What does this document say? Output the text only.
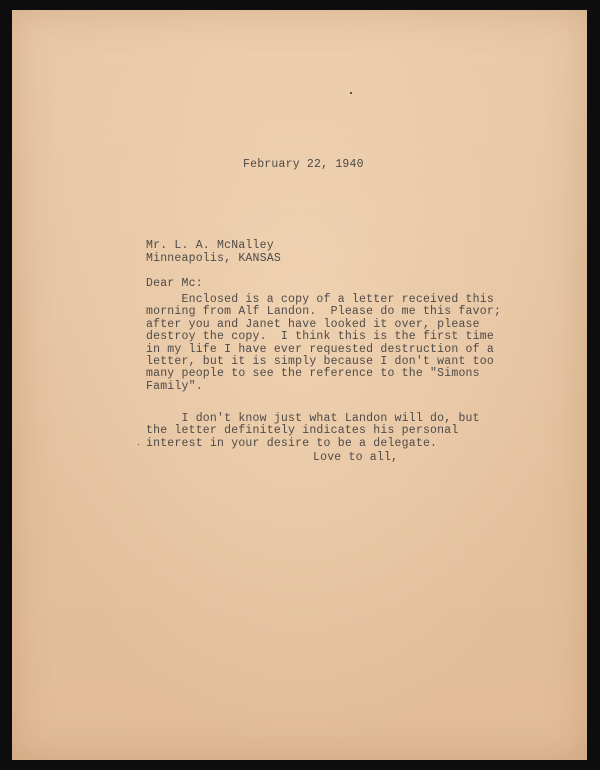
February 22, 1940
Mr. L. A. McNalley
Minneapolis, KANSAS
Dear Mc:
Enclosed is a copy of a letter received this
morning from Alf Landon.  Please do me this favor;
after you and Janet have looked it over, please
destroy the copy.  I think this is the first time
in my life I have ever requested destruction of a
letter, but it is simply because I don't want too
many people to see the reference to the "Simons
Family".
I don't know just what Landon will do, but
the letter definitely indicates his personal
interest in your desire to be a delegate.
Love to all,
